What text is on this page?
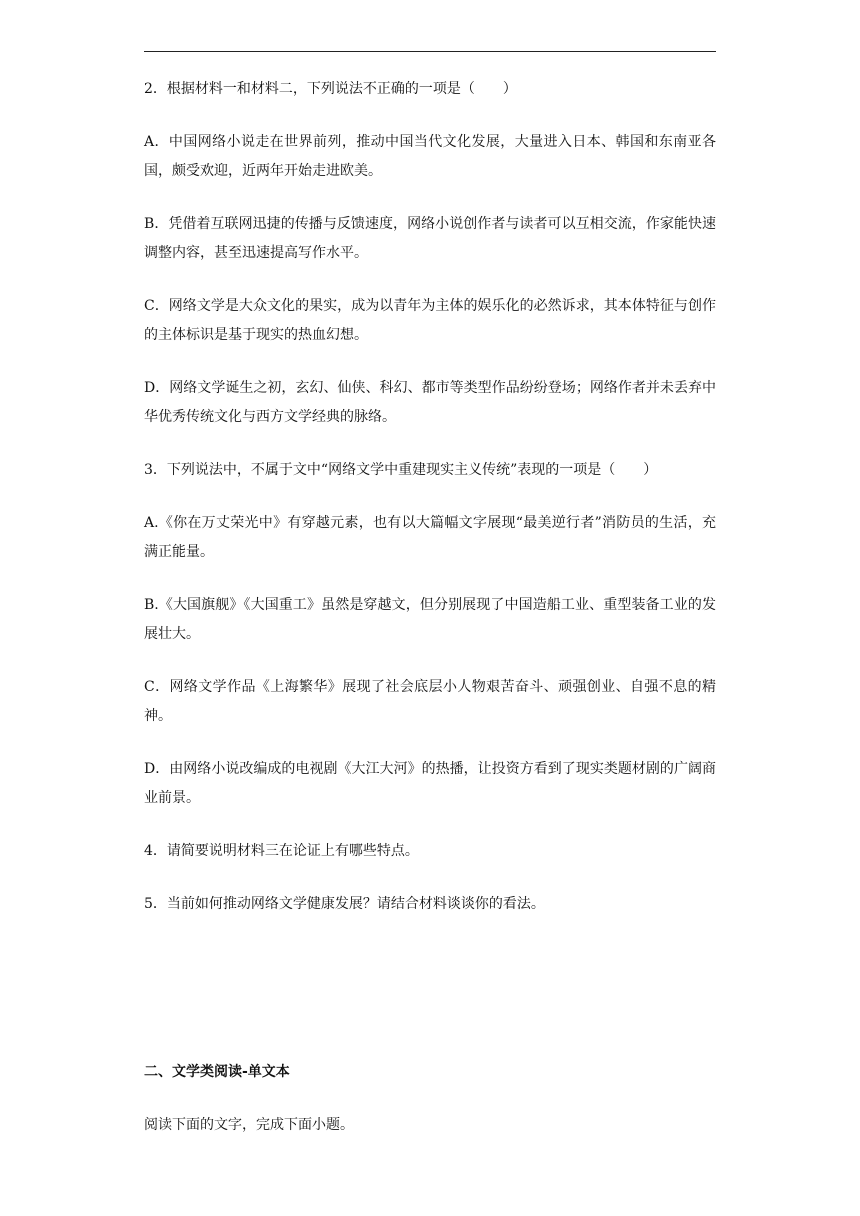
2．根据材料一和材料二，下列说法不正确的一项是（　　）

A．中国网络小说走在世界前列，推动中国当代文化发展，大量进入日本、韩国和东南亚各国，颇受欢迎，近两年开始走进欧美。

B．凭借着互联网迅捷的传播与反馈速度，网络小说创作者与读者可以互相交流，作家能快速调整内容，甚至迅速提高写作水平。

C．网络文学是大众文化的果实，成为以青年为主体的娱乐化的必然诉求，其本体特征与创作的主体标识是基于现实的热血幻想。

D．网络文学诞生之初，玄幻、仙侠、科幻、都市等类型作品纷纷登场；网络作者并未丢弃中华优秀传统文化与西方文学经典的脉络。

3．下列说法中，不属于文中“网络文学中重建现实主义传统”表现的一项是（　　）

A.《你在万丈荣光中》有穿越元素，也有以大篇幅文字展现“最美逆行者”消防员的生活，充满正能量。

B.《大国旗舰》《大国重工》虽然是穿越文，但分别展现了中国造船工业、重型装备工业的发展壮大。

C．网络文学作品《上海繁华》展现了社会底层小人物艰苦奋斗、顽强创业、自强不息的精神。

D．由网络小说改编成的电视剧《大江大河》的热播，让投资方看到了现实类题材剧的广阔商业前景。

4．请简要说明材料三在论证上有哪些特点。

5．当前如何推动网络文学健康发展？请结合材料谈谈你的看法。

二、文学类阅读-单文本

阅读下面的文字，完成下面小题。
